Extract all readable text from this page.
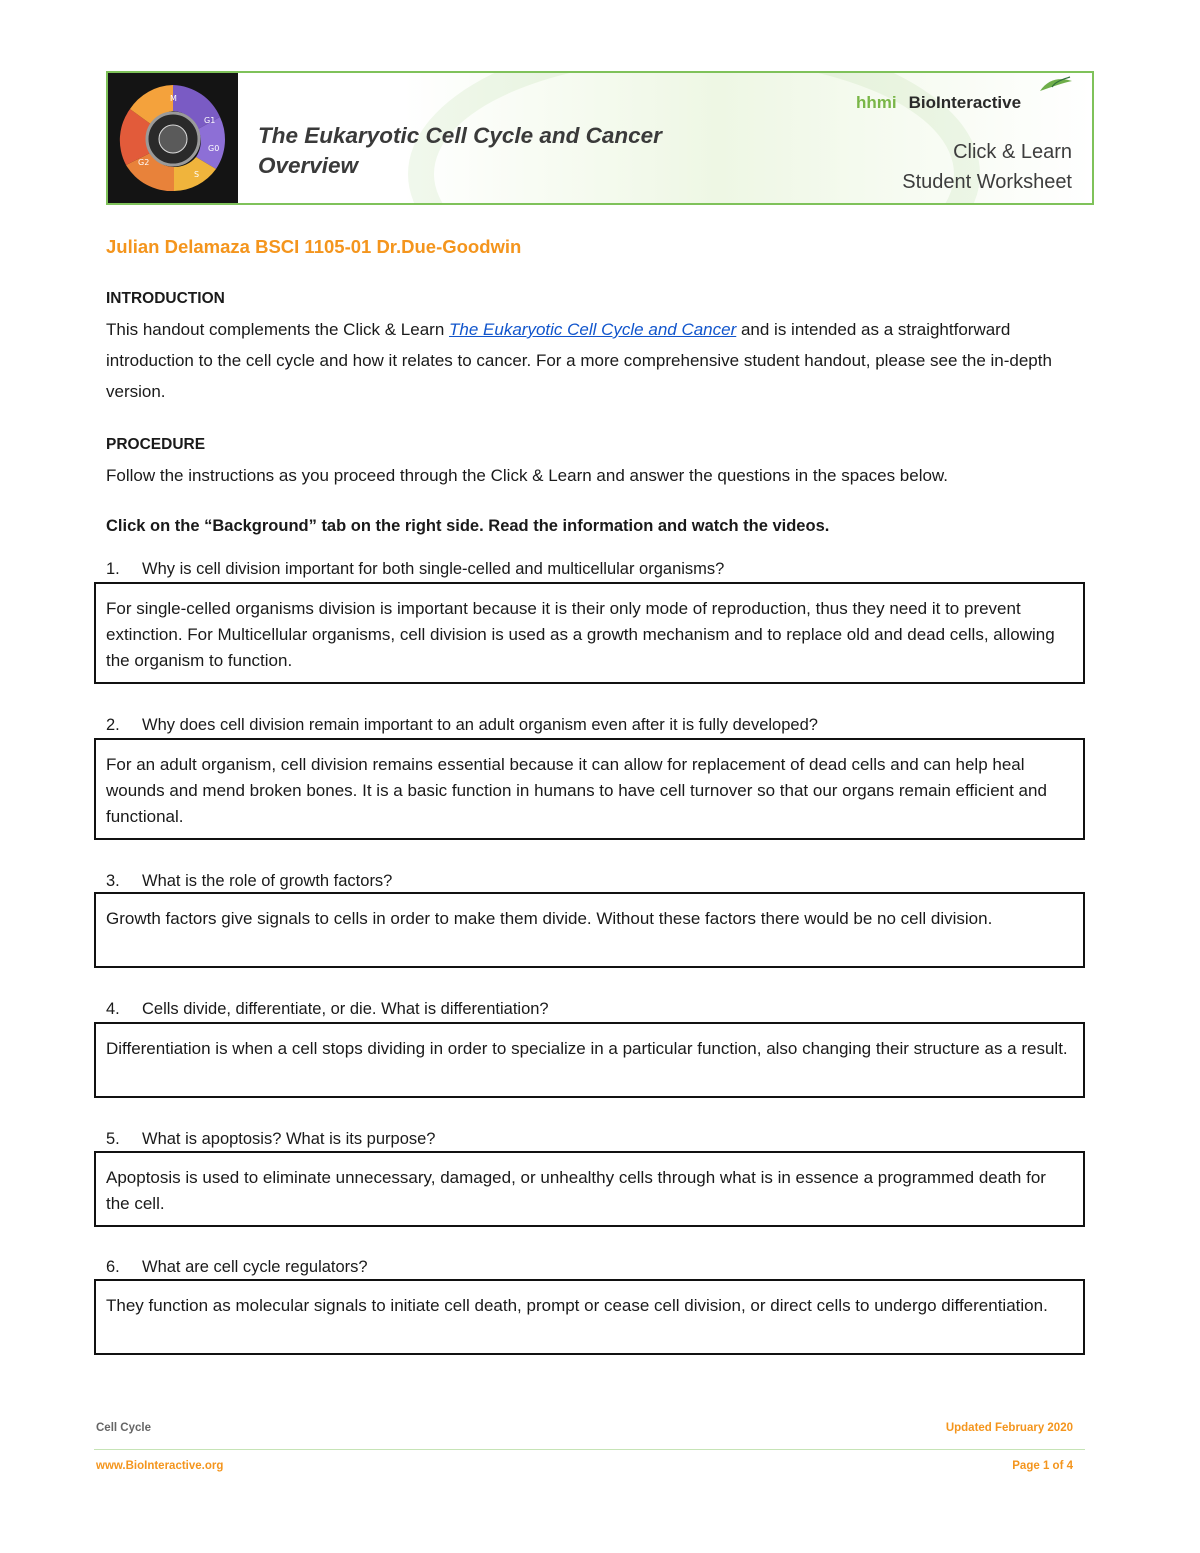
M
G1
G2
S
G0
The Eukaryotic Cell Cycle and Cancer
Overview
hhmi BioInteractive
Click & Learn
Student Worksheet
Julian Delamaza BSCI 1105-01 Dr.Due-Goodwin
INTRODUCTION
This handout complements the Click & Learn The Eukaryotic Cell Cycle and Cancer and is intended as a straightforward introduction to the cell cycle and how it relates to cancer. For a more comprehensive student handout, please see the in-depth version.
PROCEDURE
Follow the instructions as you proceed through the Click & Learn and answer the questions in the spaces below.
Click on the “Background” tab on the right side. Read the information and watch the videos.
1. Why is cell division important for both single-celled and multicellular organisms?
For single-celled organisms division is important because it is their only mode of reproduction, thus they need it to prevent extinction. For Multicellular organisms, cell division is used as a growth mechanism and to replace old and dead cells, allowing the organism to function.
2. Why does cell division remain important to an adult organism even after it is fully developed?
For an adult organism, cell division remains essential because it can allow for replacement of dead cells and can help heal wounds and mend broken bones. It is a basic function in humans to have cell turnover so that our organs remain efficient and functional.
3. What is the role of growth factors?
Growth factors give signals to cells in order to make them divide. Without these factors there would be no cell division.
4. Cells divide, differentiate, or die. What is differentiation?
Differentiation is when a cell stops dividing in order to specialize in a particular function, also changing their structure as a result.
5. What is apoptosis? What is its purpose?
Apoptosis is used to eliminate unnecessary, damaged, or unhealthy cells through what is in essence a programmed death for the cell.
6. What are cell cycle regulators?
They function as molecular signals to initiate cell death, prompt or cease cell division, or direct cells to undergo differentiation.
Cell Cycle	Updated February 2020
www.BioInteractive.org	Page 1 of 4
